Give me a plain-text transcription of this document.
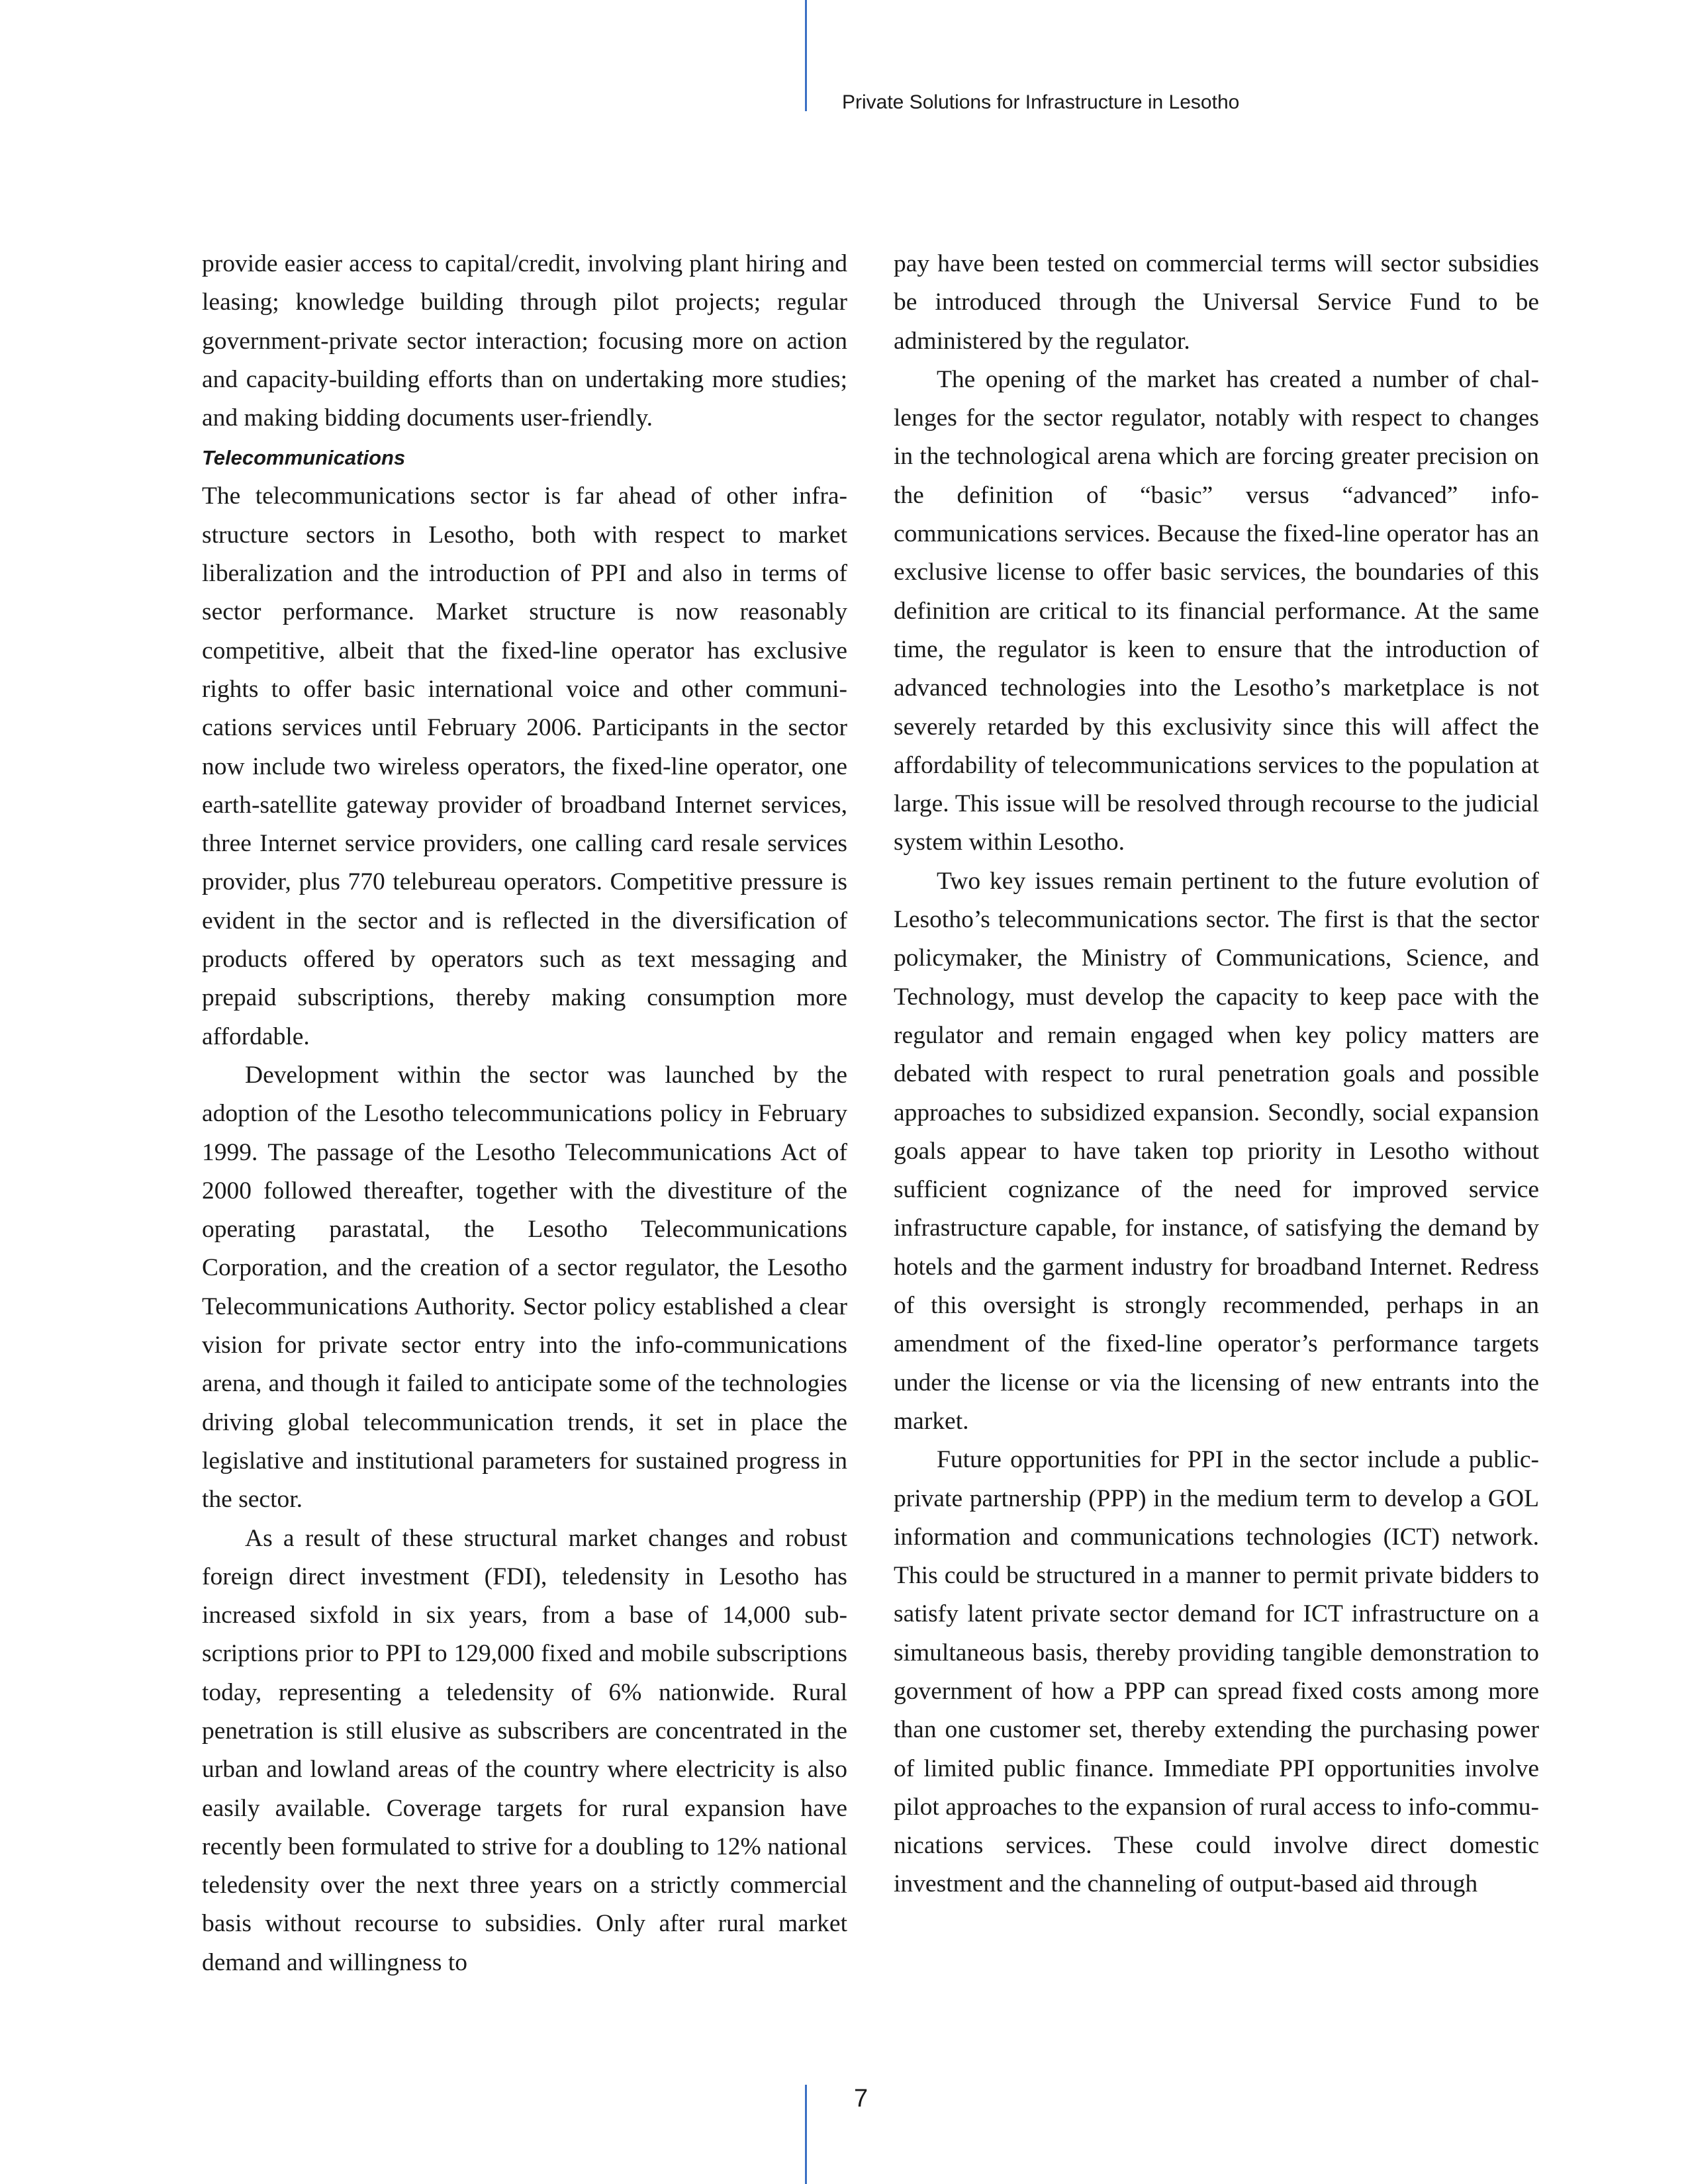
Private Solutions for Infrastructure in Lesotho

provide easier access to capital/credit, involving plant hiring and leasing; knowledge building through pilot projects; regular government-private sector interaction; focusing more on action and capacity-building efforts than on undertaking more studies; and making bidding documents user-friendly.

Telecommunications

The telecommunications sector is far ahead of other infrastructure sectors in Lesotho, both with respect to market liberalization and the introduction of PPI and also in terms of sector performance. Market structure is now reasonably competitive, albeit that the fixed-line operator has exclusive rights to offer basic international voice and other communications services until February 2006. Participants in the sector now include two wireless operators, the fixed-line operator, one earth-satellite gateway provider of broadband Internet services, three Internet service providers, one calling card resale services provider, plus 770 telebureau operators. Competitive pressure is evident in the sector and is reflected in the diversification of products offered by operators such as text messaging and prepaid subscriptions, thereby making consumption more affordable.

Development within the sector was launched by the adoption of the Lesotho telecommunications policy in February 1999. The passage of the Lesotho Telecommunications Act of 2000 followed thereafter, together with the divestiture of the operating parastatal, the Lesotho Telecommunications Corporation, and the creation of a sector regulator, the Lesotho Telecommunications Authority. Sector policy established a clear vision for private sector entry into the info-communications arena, and though it failed to anticipate some of the technologies driving global telecommunication trends, it set in place the legislative and institutional parameters for sustained progress in the sector.

As a result of these structural market changes and robust foreign direct investment (FDI), teledensity in Lesotho has increased sixfold in six years, from a base of 14,000 subscriptions prior to PPI to 129,000 fixed and mobile subscriptions today, representing a teledensity of 6% nationwide. Rural penetration is still elusive as subscribers are concentrated in the urban and lowland areas of the country where electricity is also easily available. Coverage targets for rural expansion have recently been formulated to strive for a doubling to 12% national teledensity over the next three years on a strictly commercial basis without recourse to subsidies. Only after rural market demand and willingness to

pay have been tested on commercial terms will sector subsidies be introduced through the Universal Service Fund to be administered by the regulator.

The opening of the market has created a number of challenges for the sector regulator, notably with respect to changes in the technological arena which are forcing greater precision on the definition of “basic” versus “advanced” info-communications services. Because the fixed-line operator has an exclusive license to offer basic services, the boundaries of this definition are critical to its financial performance. At the same time, the regulator is keen to ensure that the introduction of advanced technologies into the Lesotho’s marketplace is not severely retarded by this exclusivity since this will affect the affordability of telecommunications services to the population at large. This issue will be resolved through recourse to the judicial system within Lesotho.

Two key issues remain pertinent to the future evolution of Lesotho’s telecommunications sector. The first is that the sector policymaker, the Ministry of Communications, Science, and Technology, must develop the capacity to keep pace with the regulator and remain engaged when key policy matters are debated with respect to rural penetration goals and possible approaches to subsidized expansion. Secondly, social expansion goals appear to have taken top priority in Lesotho without sufficient cognizance of the need for improved service infrastructure capable, for instance, of satisfying the demand by hotels and the garment industry for broadband Internet. Redress of this oversight is strongly recommended, perhaps in an amendment of the fixed-line operator’s performance targets under the license or via the licensing of new entrants into the market.

Future opportunities for PPI in the sector include a public-private partnership (PPP) in the medium term to develop a GOL information and communications technologies (ICT) network. This could be structured in a manner to permit private bidders to satisfy latent private sector demand for ICT infrastructure on a simultaneous basis, thereby providing tangible demonstration to government of how a PPP can spread fixed costs among more than one customer set, thereby extending the purchasing power of limited public finance. Immediate PPI opportunities involve pilot approaches to the expansion of rural access to info-communications services. These could involve direct domestic investment and the channeling of output-based aid through

7
